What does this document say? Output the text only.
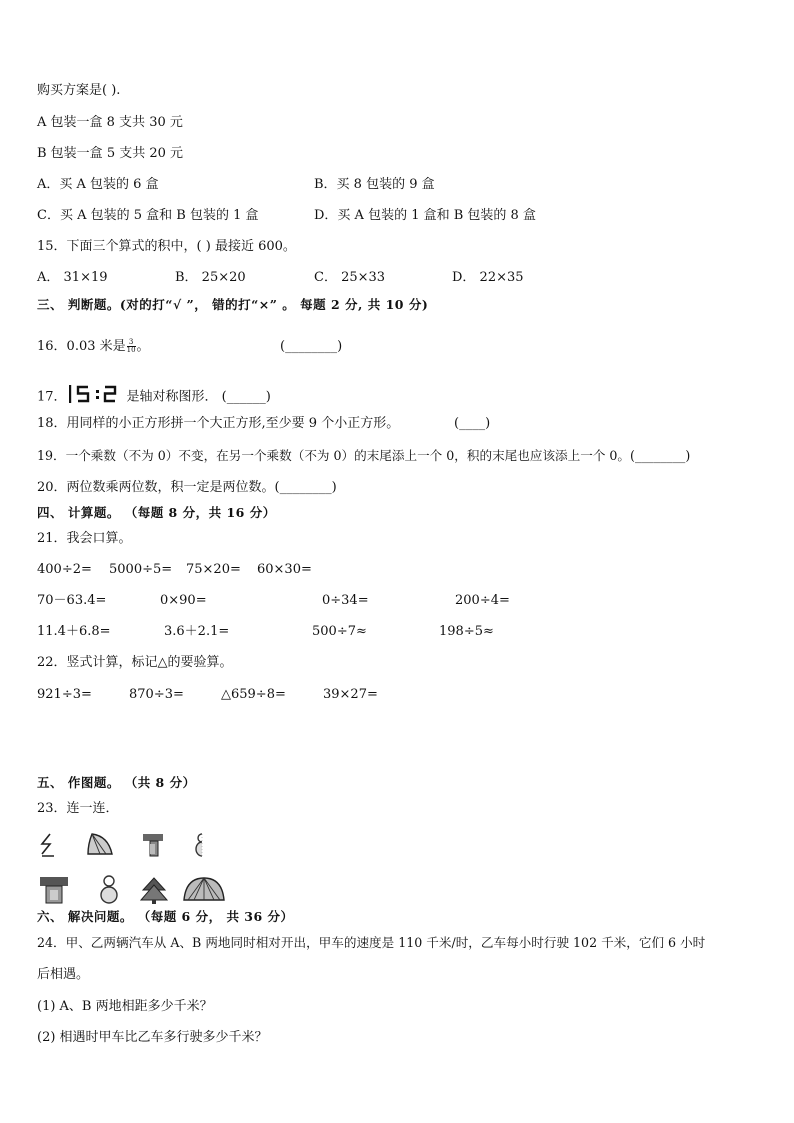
购买方案是( ).
A 包装一盒 8 支共 30 元
B 包装一盒 5 支共 20 元
A．买 A 包装的 6 盒	B．买 8 包装的 9 盒
C．买 A 包装的 5 盒和 B 包装的 1 盒	D．买 A 包装的 1 盒和 B 包装的 8 盒
15．下面三个算式的积中，( ) 最接近 600。
A． 31×19	B． 25×20	C． 25×33	D． 22×35
三、 判断题。(对的打“√ ”， 错的打“×” 。 每题 2 分, 共 10 分)
16．0.03 米是 $\frac{3}{10}$ 。	(________)
17．	是轴对称图形． (______)
18．用同样的小正方形拼一个大正方形,至少要 9 个小正方形。	(____)
19．一个乘数（不为 0）不变，在另一个乘数（不为 0）的末尾添上一个 0，积的末尾也应该添上一个 0。(________)
20．两位数乘两位数，积一定是两位数。(________)
四、 计算题。 （每题 8 分，共 16 分）
21．我会口算。
400÷2= 5000÷5= 75×20= 60×30=
70－63.4=	0×90=	0÷34=	200÷4=
11.4＋6.8=	3.6＋2.1=	500÷7≈	198÷5≈
22．竖式计算，标记△的要验算。
921÷3=	870÷3=	△659÷8=	39×27=
五、 作图题。 （共 8 分）
23．连一连．
六、 解决问题。 （每题 6 分， 共 36 分）
24．甲、乙两辆汽车从 A、B 两地同时相对开出，甲车的速度是 110 千米/时，乙车每小时行驶 102 千米，它们 6 小时
后相遇。
(1) A、B 两地相距多少千米？
(2) 相遇时甲车比乙车多行驶多少千米？
